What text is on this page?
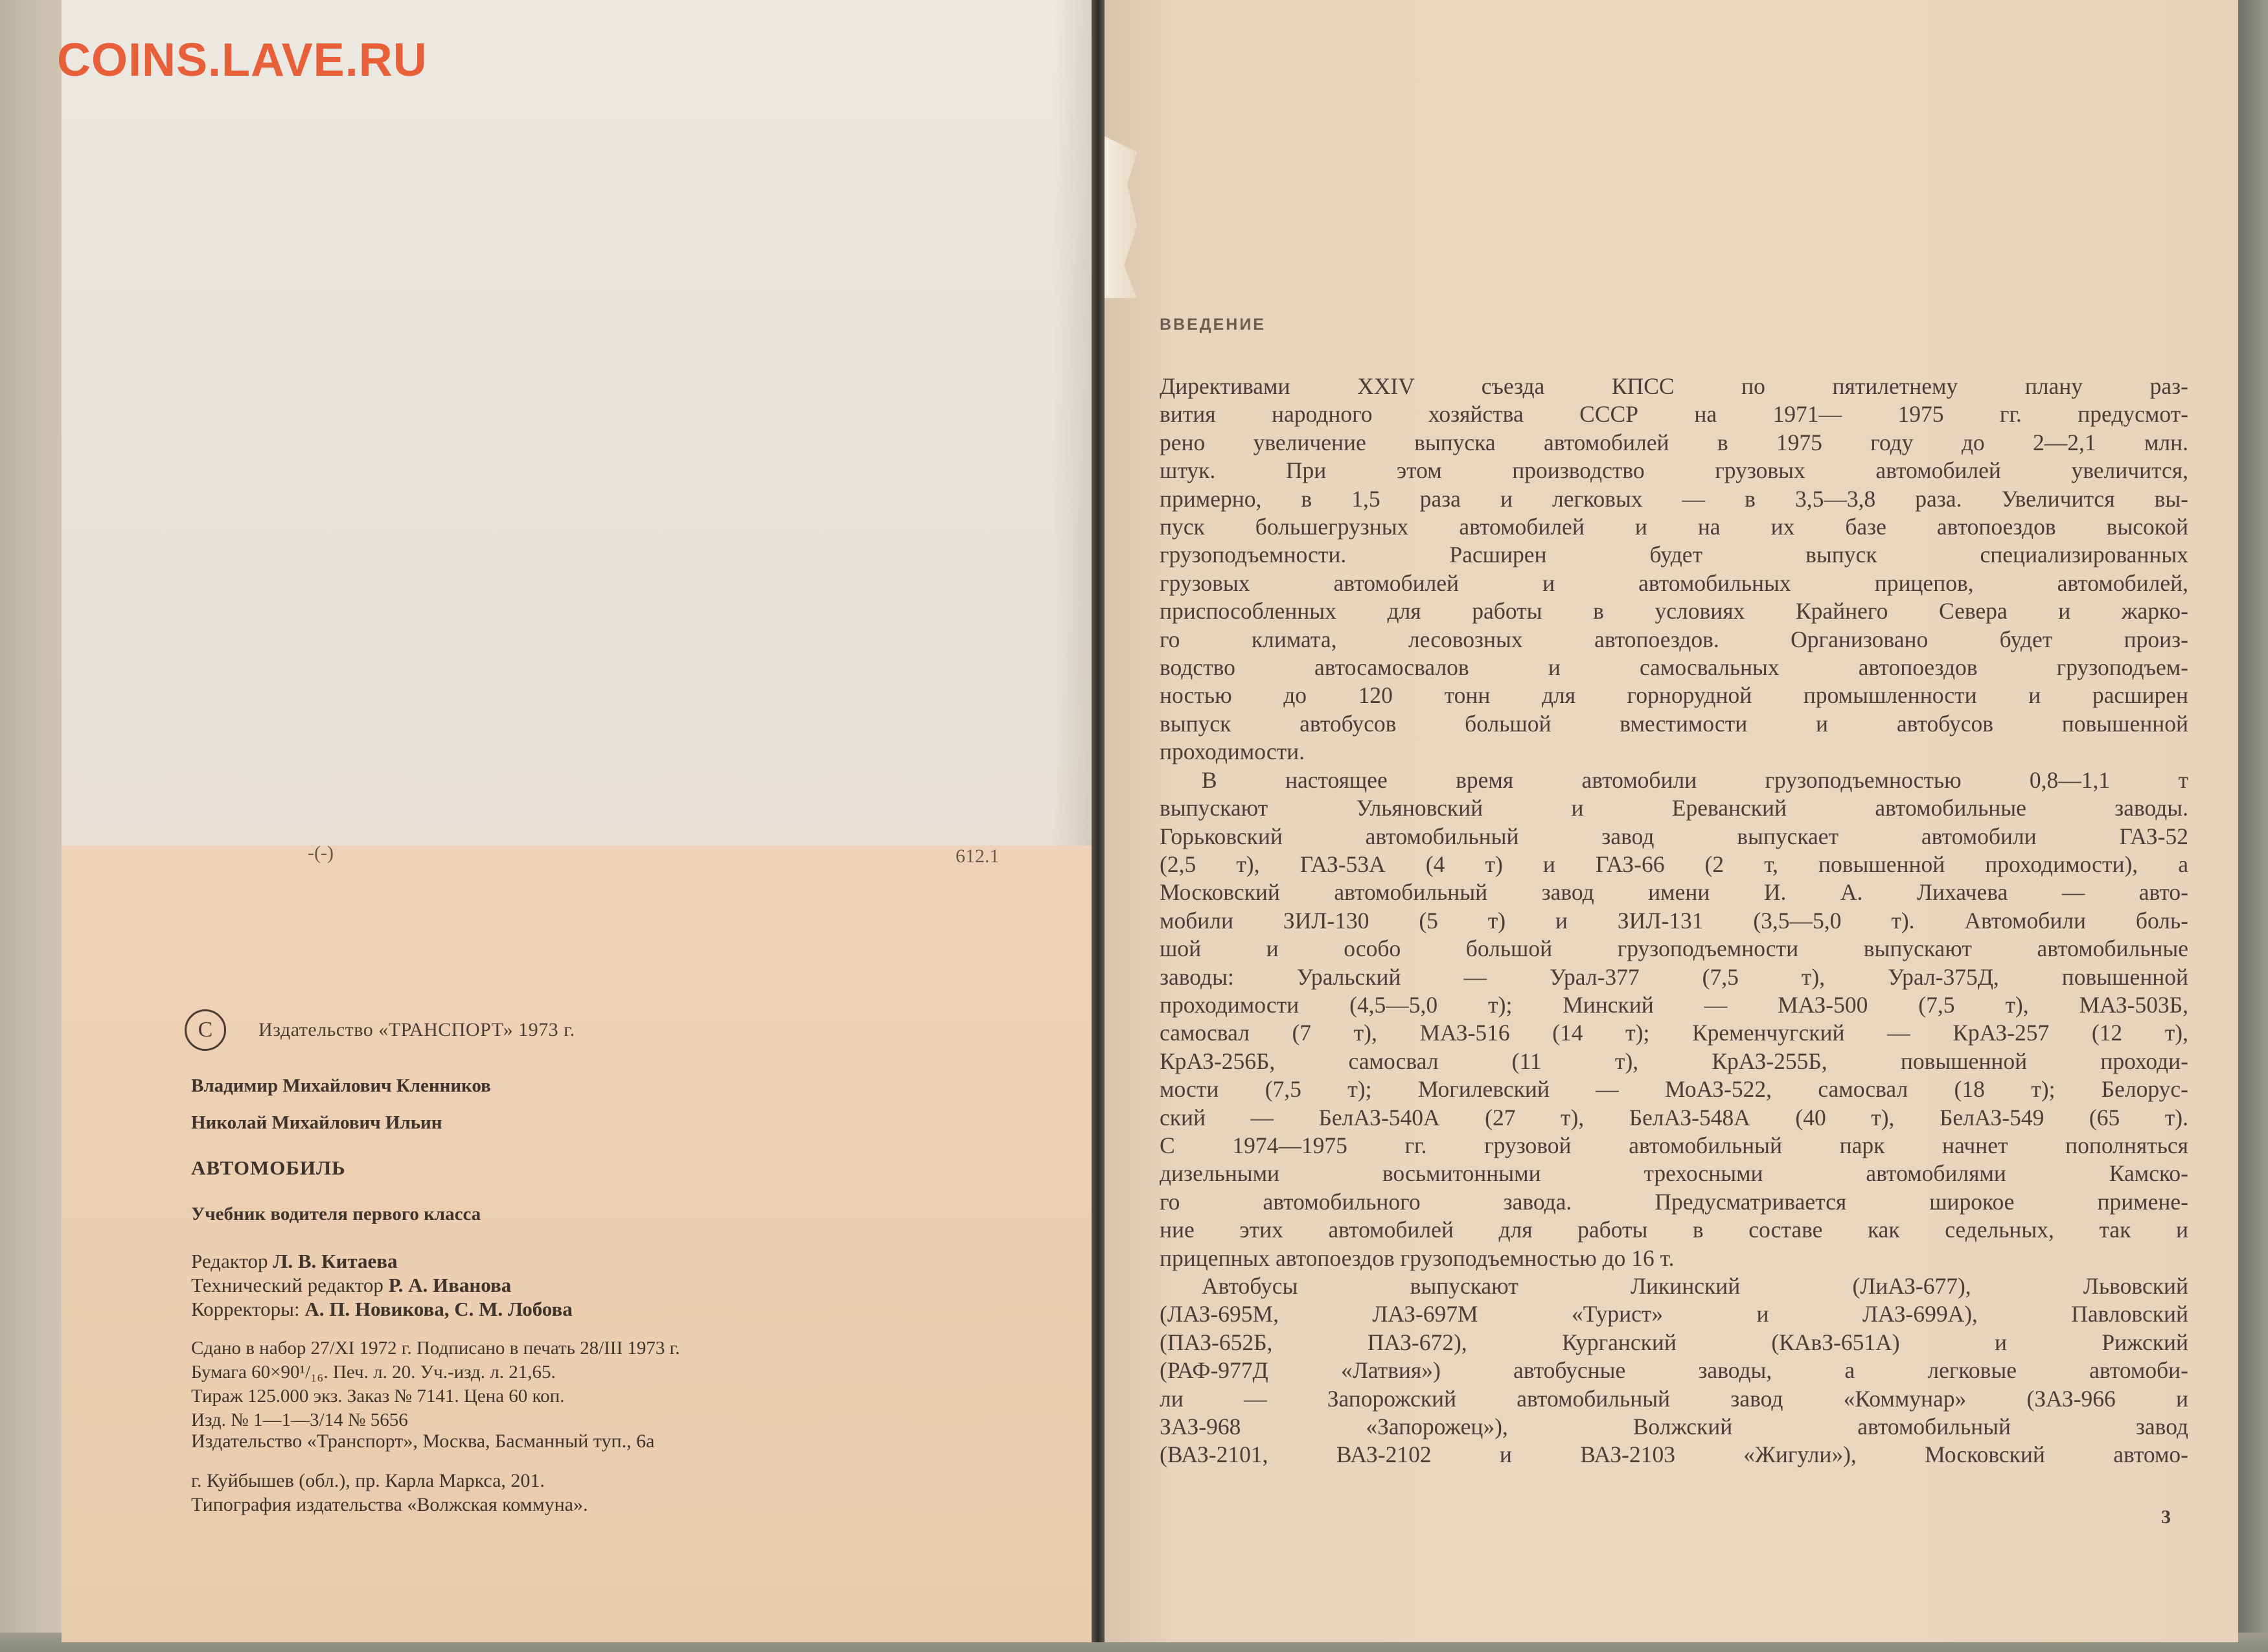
-(-)	612.1
С	Издательство «ТРАНСПОРТ» 1973 г.
Владимир Михайлович Кленников
Николай Михайлович Ильин
АВТОМОБИЛЬ
Учебник водителя первого класса
Редактор Л. В. Китаева
Технический редактор Р. А. Иванова
Корректоры: А. П. Новикова, С. М. Лобова
Сдано в набор 27/XI 1972 г. Подписано в печать 28/III 1973 г.
Бумага 60×90¹/₁₆. Печ. л. 20. Уч.-изд. л. 21,65.
Тираж 125.000 экз. Заказ № 7141. Цена 60 коп.
Изд. № 1—1—3/14 № 5656
Издательство «Транспорт», Москва, Басманный туп., 6а
г. Куйбышев (обл.), пр. Карла Маркса, 201.
Типография издательства «Волжская коммуна».
ВВЕДЕНИЕ
Директивами XXIV съезда КПСС по пятилетнему плану раз-
вития народного хозяйства СССР на 1971— 1975 гг. предусмот-
рено увеличение выпуска автомобилей в 1975 году до 2—2,1 млн.
штук. При этом производство грузовых автомобилей увеличится,
примерно, в 1,5 раза и легковых — в 3,5—3,8 раза. Увеличится вы-
пуск большегрузных автомобилей и на их базе автопоездов высокой
грузоподъемности. Расширен будет выпуск специализированных
грузовых автомобилей и автомобильных прицепов, автомобилей,
приспособленных для работы в условиях Крайнего Севера и жарко-
го климата, лесовозных автопоездов. Организовано будет произ-
водство автосамосвалов и самосвальных автопоездов грузоподъем-
ностью до 120 тонн для горнорудной промышленности и расширен
выпуск автобусов большой вместимости и автобусов повышенной
проходимости.
В настоящее время автомобили грузоподъемностью 0,8—1,1 т
выпускают Ульяновский и Ереванский автомобильные заводы.
Горьковский автомобильный завод выпускает автомобили ГАЗ-52
(2,5 т), ГАЗ-53А (4 т) и ГАЗ-66 (2 т, повышенной проходимости), а
Московский автомобильный завод имени И. А. Лихачева — авто-
мобили ЗИЛ-130 (5 т) и ЗИЛ-131 (3,5—5,0 т). Автомобили боль-
шой и особо большой грузоподъемности выпускают автомобильные
заводы: Уральский — Урал-377 (7,5 т), Урал-375Д, повышенной
проходимости (4,5—5,0 т); Минский — МАЗ-500 (7,5 т), МАЗ-503Б,
самосвал (7 т), МАЗ-516 (14 т); Кременчугский — КрАЗ-257 (12 т),
КрАЗ-256Б, самосвал (11 т), КрАЗ-255Б, повышенной проходи-
мости (7,5 т); Могилевский — МоАЗ-522, самосвал (18 т); Белорус-
ский — БелАЗ-540А (27 т), БелАЗ-548А (40 т), БелАЗ-549 (65 т).
С 1974—1975 гг. грузовой автомобильный парк начнет пополняться
дизельными восьмитонными трехосными автомобилями Камско-
го автомобильного завода. Предусматривается широкое примене-
ние этих автомобилей для работы в составе как седельных, так и
прицепных автопоездов грузоподъемностью до 16 т.
Автобусы выпускают Ликинский (ЛиАЗ-677), Львовский
(ЛАЗ-695М, ЛАЗ-697М «Турист» и ЛАЗ-699А), Павловский
(ПАЗ-652Б, ПАЗ-672), Курганский (КАвЗ-651А) и Рижский
(РАФ-977Д «Латвия») автобусные заводы, а легковые автомоби-
ли — Запорожский автомобильный завод «Коммунар» (ЗАЗ-966 и
ЗАЗ-968 «Запорожец»), Волжский автомобильный завод
(ВАЗ-2101, ВАЗ-2102 и ВАЗ-2103 «Жигули»), Московский автомо-
3
COINS.LAVE.RU
